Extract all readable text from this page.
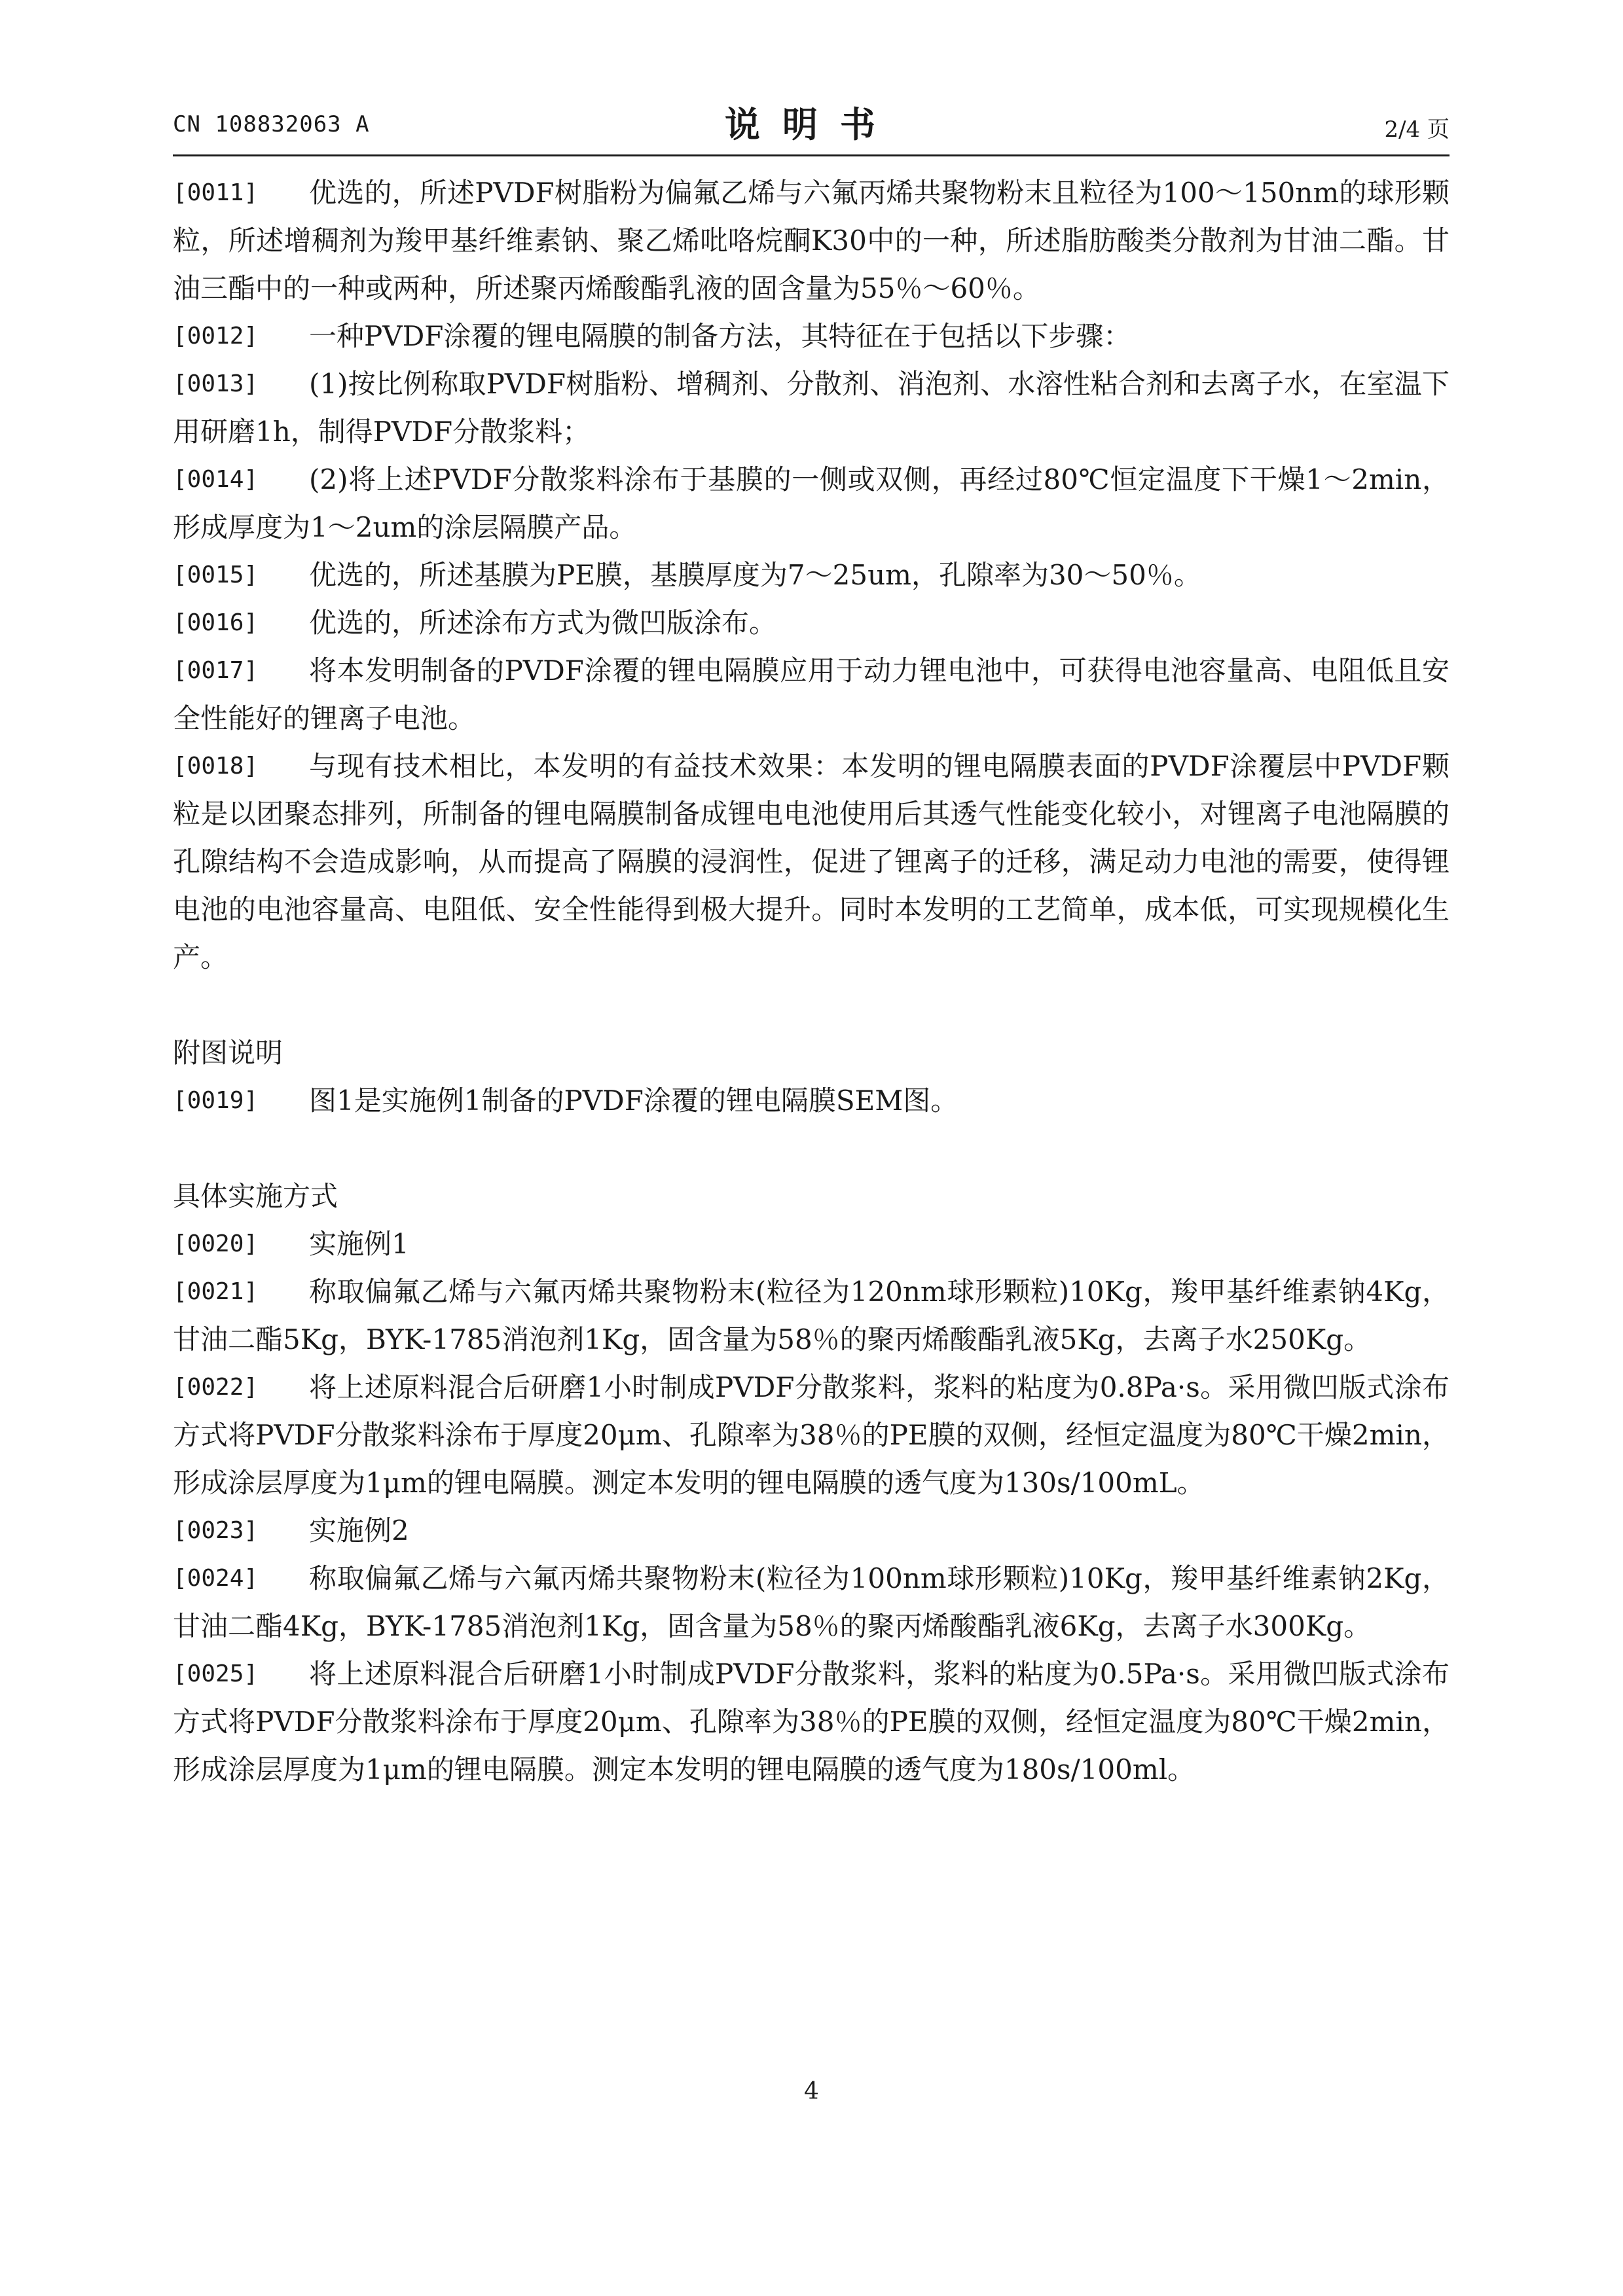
CN 108832063 A	说明书	2/4 页

[0011] 优选的，所述PVDF树脂粉为偏氟乙烯与六氟丙烯共聚物粉末且粒径为100～150nm的球形颗粒，所述增稠剂为羧甲基纤维素钠、聚乙烯吡咯烷酮K30中的一种，所述脂肪酸类分散剂为甘油二酯。甘油三酯中的一种或两种，所述聚丙烯酸酯乳液的固含量为55％～60％。

[0012] 一种PVDF涂覆的锂电隔膜的制备方法，其特征在于包括以下步骤：

[0013] (1)按比例称取PVDF树脂粉、增稠剂、分散剂、消泡剂、水溶性粘合剂和去离子水，在室温下用研磨1h，制得PVDF分散浆料；

[0014] (2)将上述PVDF分散浆料涂布于基膜的一侧或双侧，再经过80℃恒定温度下干燥1～2min，形成厚度为1～2um的涂层隔膜产品。

[0015] 优选的，所述基膜为PE膜，基膜厚度为7～25um，孔隙率为30～50％。

[0016] 优选的，所述涂布方式为微凹版涂布。

[0017] 将本发明制备的PVDF涂覆的锂电隔膜应用于动力锂电池中，可获得电池容量高、电阻低且安全性能好的锂离子电池。

[0018] 与现有技术相比，本发明的有益技术效果：本发明的锂电隔膜表面的PVDF涂覆层中PVDF颗粒是以团聚态排列，所制备的锂电隔膜制备成锂电电池使用后其透气性能变化较小，对锂离子电池隔膜的孔隙结构不会造成影响，从而提高了隔膜的浸润性，促进了锂离子的迁移，满足动力电池的需要，使得锂电池的电池容量高、电阻低、安全性能得到极大提升。同时本发明的工艺简单，成本低，可实现规模化生产。

附图说明

[0019] 图1是实施例1制备的PVDF涂覆的锂电隔膜SEM图。

具体实施方式

[0020] 实施例1

[0021] 称取偏氟乙烯与六氟丙烯共聚物粉末(粒径为120nm球形颗粒)10Kg，羧甲基纤维素钠4Kg，甘油二酯5Kg，BYK-1785消泡剂1Kg，固含量为58％的聚丙烯酸酯乳液5Kg，去离子水250Kg。

[0022] 将上述原料混合后研磨1小时制成PVDF分散浆料，浆料的粘度为0.8Pa·s。采用微凹版式涂布方式将PVDF分散浆料涂布于厚度20μm、孔隙率为38％的PE膜的双侧，经恒定温度为80℃干燥2min，形成涂层厚度为1μm的锂电隔膜。测定本发明的锂电隔膜的透气度为130s/100mL。

[0023] 实施例2

[0024] 称取偏氟乙烯与六氟丙烯共聚物粉末(粒径为100nm球形颗粒)10Kg，羧甲基纤维素钠2Kg，甘油二酯4Kg，BYK-1785消泡剂1Kg，固含量为58％的聚丙烯酸酯乳液6Kg，去离子水300Kg。

[0025] 将上述原料混合后研磨1小时制成PVDF分散浆料，浆料的粘度为0.5Pa·s。采用微凹版式涂布方式将PVDF分散浆料涂布于厚度20μm、孔隙率为38％的PE膜的双侧，经恒定温度为80℃干燥2min，形成涂层厚度为1μm的锂电隔膜。测定本发明的锂电隔膜的透气度为180s/100ml。

4
